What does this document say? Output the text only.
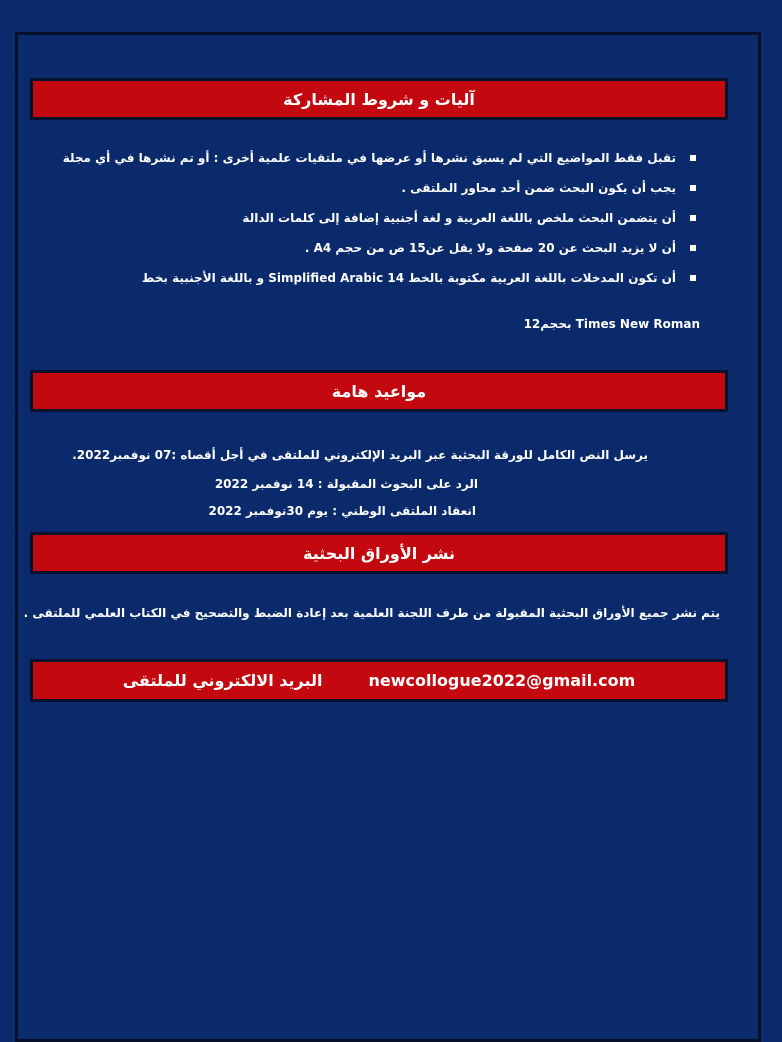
آليات و شروط المشاركة
تقبل فقط المواضيع التي لم يسبق نشرها أو عرضها في ملتقيات علمية أخرى : أو تم نشرها في أي مجلة
يجب أن يكون البحث ضمن أحد محاور الملتقى .
أن يتضمن البحث ملخص باللغة العربية و لغة أجنبية إضافة إلى كلمات الدالة
أن لا يزيد البحث عن 20 صفحة ولا يقل عن15 ص من حجم A4 .
أن تكون المدخلات باللغة العربية مكتوبة بالخط Simplified Arabic 14 و باللغة الأجنبية بخط
Times New Roman بحجم12
مواعيد هامة
يرسل النص الكامل للورقة البحثية عبر البريد الإلكتروني للملتقى في أجل أقصاه :07 نوفمبر2022.
الرد على البحوث المقبولة : 14 نوفمبر 2022
انعقاد الملتقى الوطني : يوم 30نوفمبر 2022
نشر الأوراق البحثية
يتم نشر جميع الأوراق البحثية المقبولة من طرف اللجنة العلمية بعد إعادة الضبط والتصحيح في الكتاب العلمي للملتقى .
البريد الالكتروني للملتقى	newcollogue2022@gmail.com
